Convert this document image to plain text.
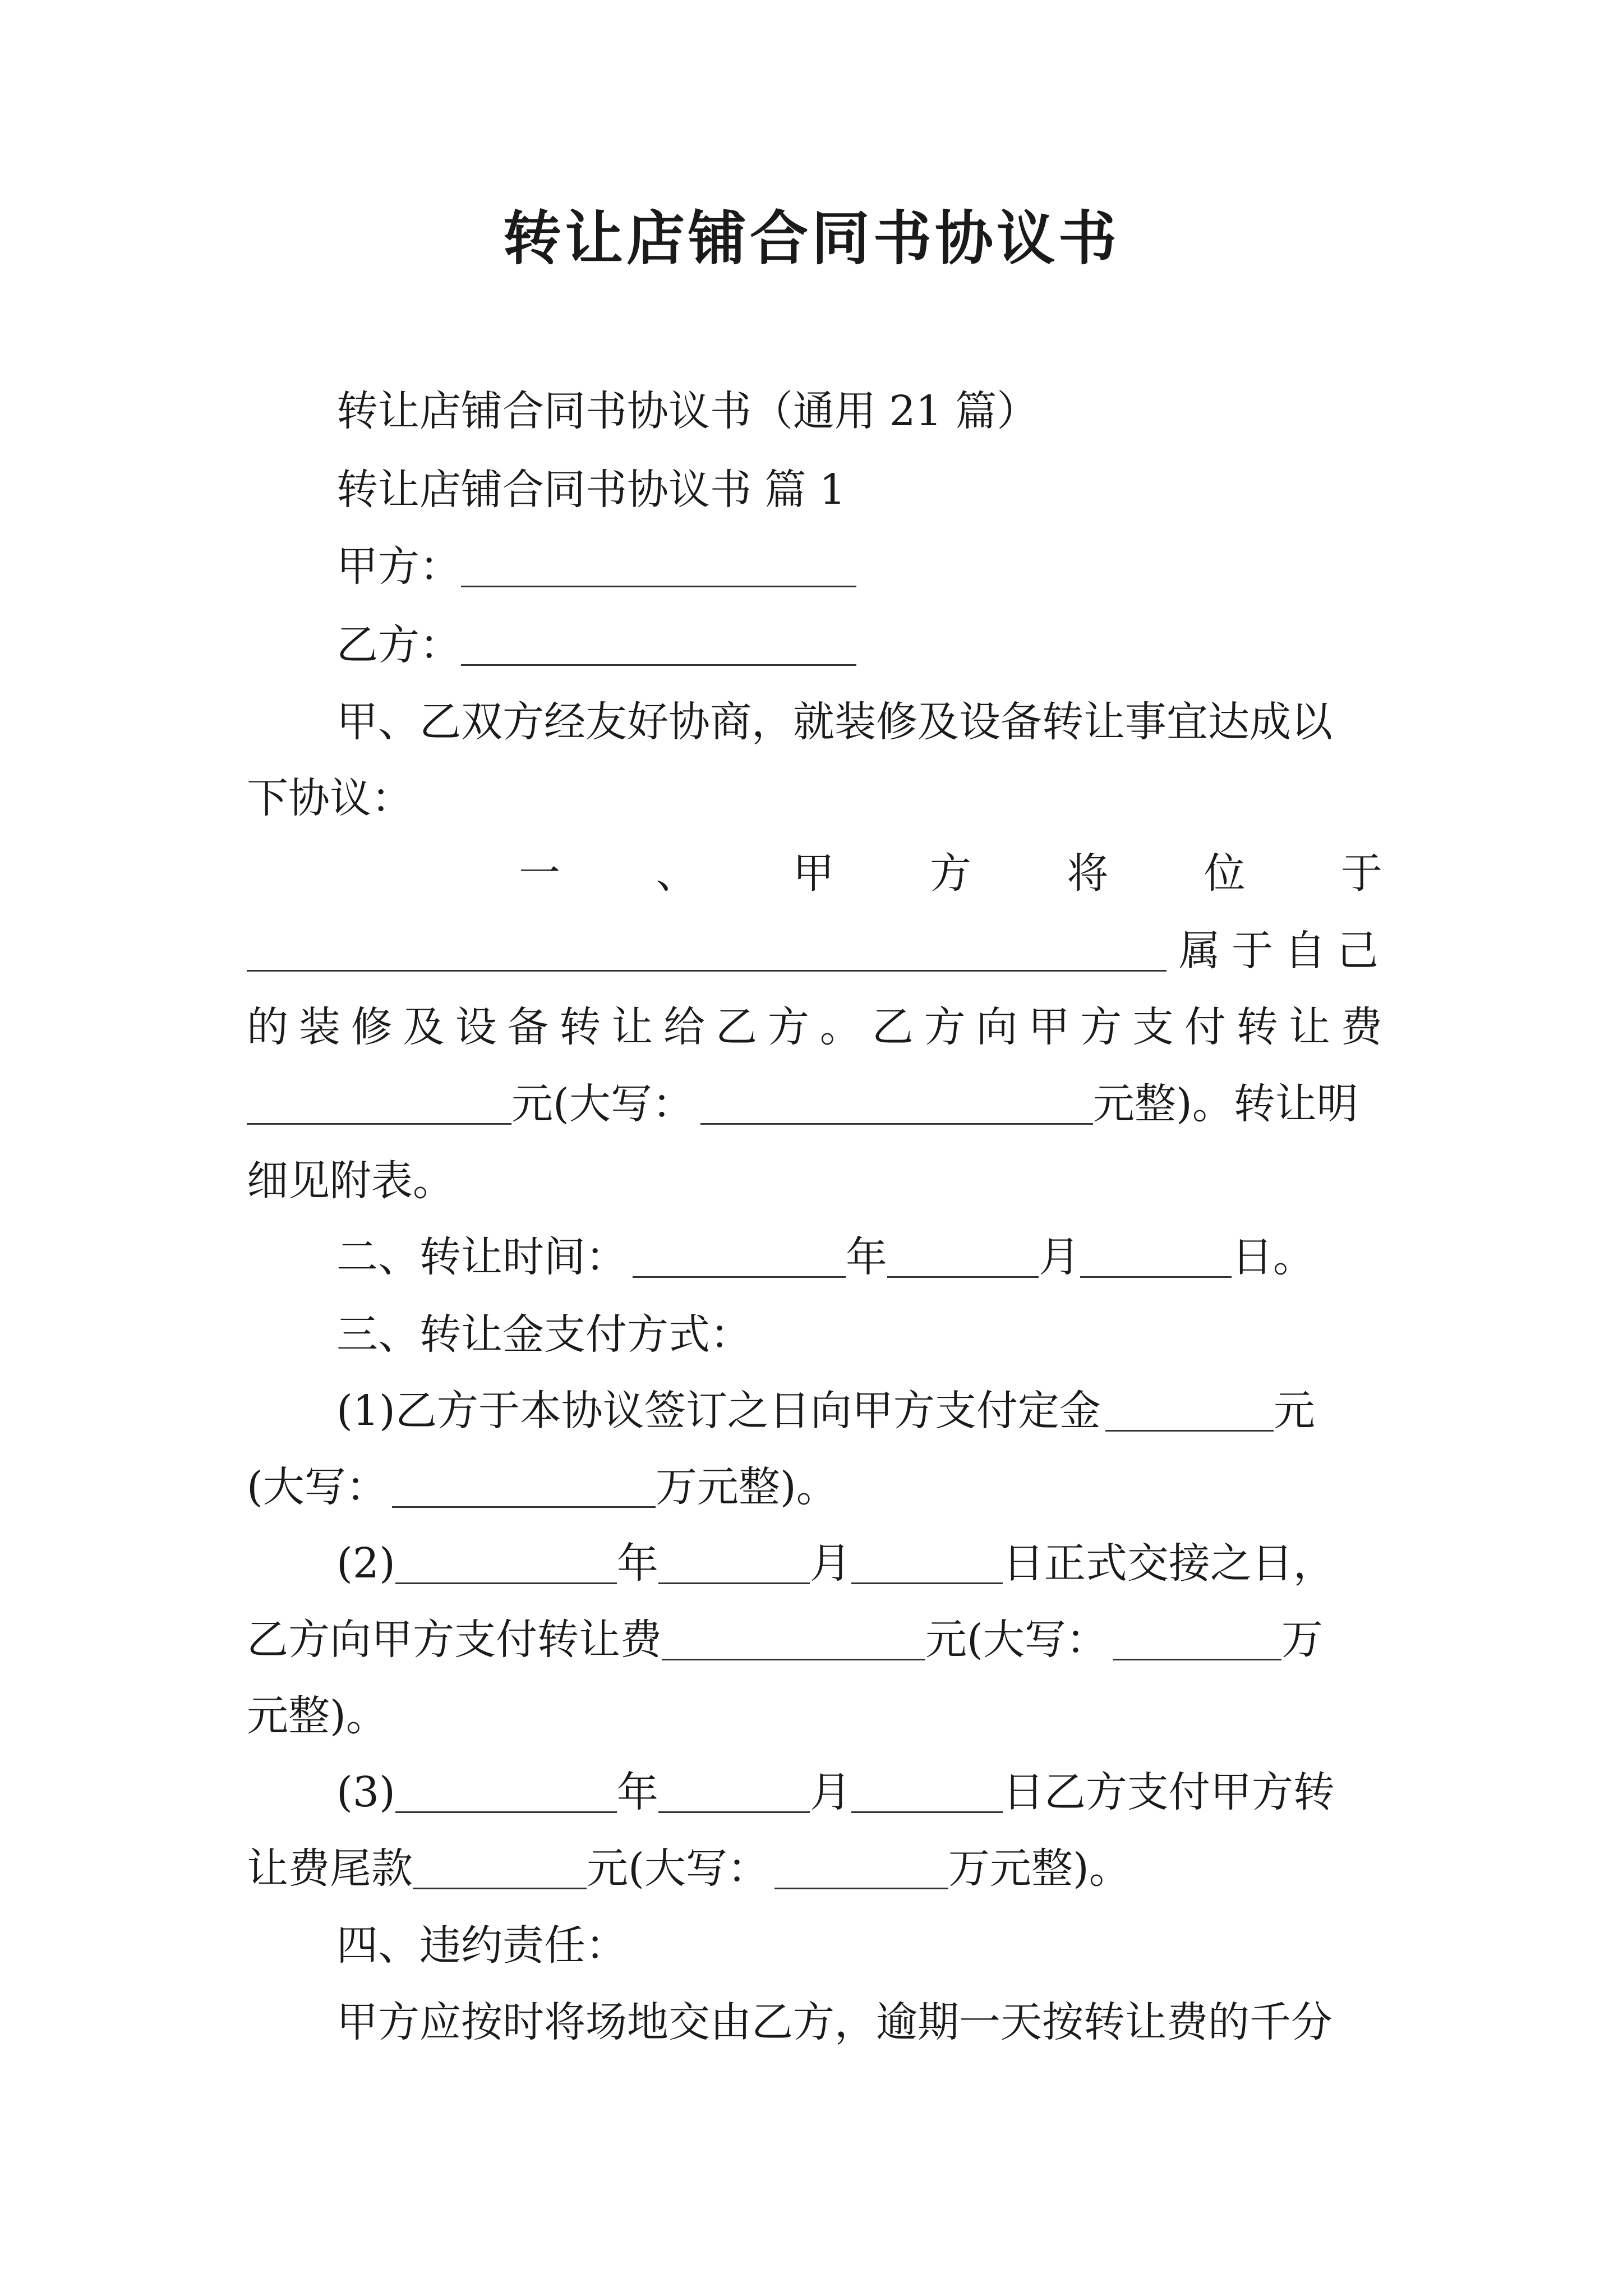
转让店铺合同书协议书
转让店铺合同书协议书（通用 21 篇）
转让店铺合同书协议书 篇 1
甲方：
乙方：
甲、乙双方经友好协商，就装修及设备转让事宜达成以
下协议：
一 、 甲 方 将 位 于
属于自己
的 装 修 及 设 备 转 让 给 乙 方 。 乙 方 向 甲 方 支 付 转 让 费
元(大写：	元整)。转让明
细见附表。
二、转让时间：	年	月	日。
三、转让金支付方式：
(1)乙方于本协议签订之日向甲方支付定金	元
(大写：	万元整)。
(2)	年	月	日正式交接之日，
乙方向甲方支付转让费	元(大写：	万
元整)。
(3)	年	月	日乙方支付甲方转
让费尾款	元(大写：	万元整)。
四、违约责任：
甲方应按时将场地交由乙方，逾期一天按转让费的千分
